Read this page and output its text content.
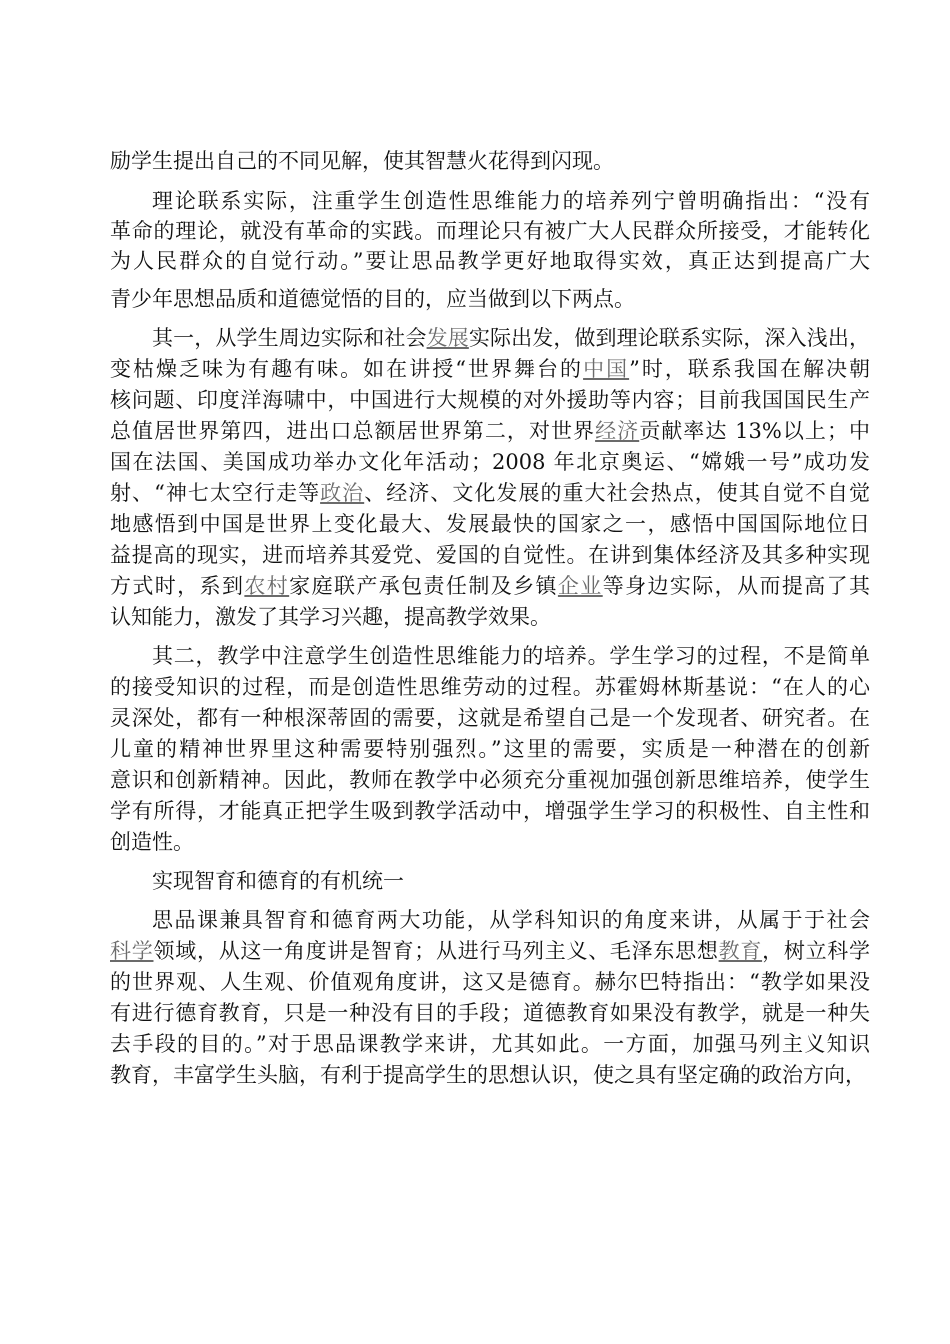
励学生提出自己的不同见解，使其智慧火花得到闪现。
理论联系实际，注重学生创造性思维能力的培养列宁曾明确指出：“没有
革命的理论，就没有革命的实践。而理论只有被广大人民群众所接受，才能转化
为人民群众的自觉行动。”要让思品教学更好地取得实效，真正达到提高广大
青少年思想品质和道德觉悟的目的，应当做到以下两点。
其一，从学生周边实际和社会发展实际出发，做到理论联系实际，深入浅出，
变枯燥乏味为有趣有味。如在讲授“世界舞台的中国”时，联系我国在解决朝
核问题、印度洋海啸中，中国进行大规模的对外援助等内容；目前我国国民生产
总值居世界第四，进出口总额居世界第二，对世界经济贡献率达 13%以上；中
国在法国、美国成功举办文化年活动；2008 年北京奥运、“嫦娥一号”成功发
射、“神七太空行走等政治、经济、文化发展的重大社会热点，使其自觉不自觉
地感悟到中国是世界上变化最大、发展最快的国家之一，感悟中国国际地位日
益提高的现实，进而培养其爱党、爱国的自觉性。在讲到集体经济及其多种实现
方式时，系到农村家庭联产承包责任制及乡镇企业等身边实际，从而提高了其
认知能力，激发了其学习兴趣，提高教学效果。
其二，教学中注意学生创造性思维能力的培养。学生学习的过程，不是简单
的接受知识的过程，而是创造性思维劳动的过程。苏霍姆林斯基说：“在人的心
灵深处，都有一种根深蒂固的需要，这就是希望自己是一个发现者、研究者。在
儿童的精神世界里这种需要特别强烈。”这里的需要，实质是一种潜在的创新
意识和创新精神。因此，教师在教学中必须充分重视加强创新思维培养，使学生
学有所得，才能真正把学生吸到教学活动中，增强学生学习的积极性、自主性和
创造性。
实现智育和德育的有机统一
思品课兼具智育和德育两大功能，从学科知识的角度来讲，从属于于社会
科学领域，从这一角度讲是智育；从进行马列主义、毛泽东思想教育，树立科学
的世界观、人生观、价值观角度讲，这又是德育。赫尔巴特指出：“教学如果没
有进行德育教育，只是一种没有目的手段；道德教育如果没有教学，就是一种失
去手段的目的。”对于思品课教学来讲，尤其如此。一方面，加强马列主义知识
教育，丰富学生头脑，有利于提高学生的思想认识，使之具有坚定确的政治方向，
